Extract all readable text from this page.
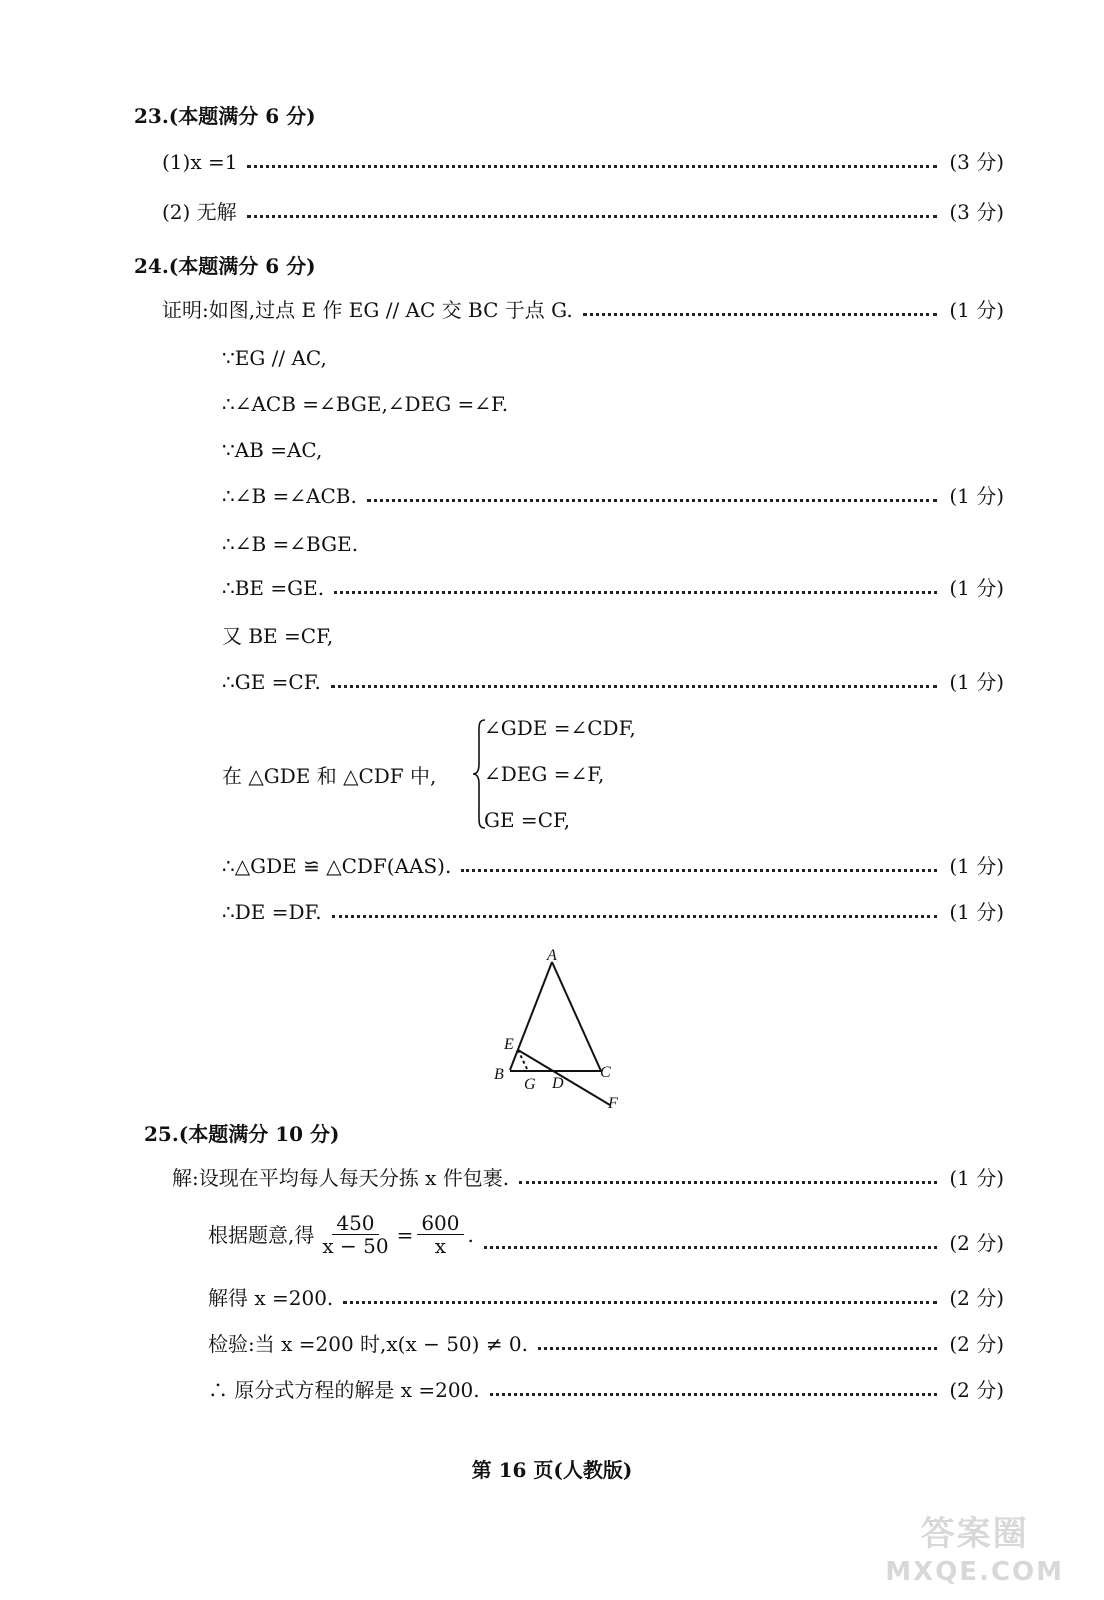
23.(本题满分 6 分)
(1)x =1	(3 分)
(2) 无解	(3 分)
24.(本题满分 6 分)
证明:如图,过点 E 作 EG // AC 交 BC 于点 G.	(1 分)
∵EG // AC,
∴∠ACB =∠BGE,∠DEG =∠F.
∵AB =AC,
∴∠B =∠ACB.	(1 分)
∴∠B =∠BGE.
∴BE =GE.	(1 分)
又 BE =CF,
∴GE =CF.	(1 分)
在 △GDE 和 △CDF 中,
∠GDE =∠CDF,
∠DEG =∠F,
GE =CF,
∴△GDE ≌ △CDF(AAS).	(1 分)
∴DE =DF.	(1 分)
A
E
B
G D
C
F
25.(本题满分 10 分)
解:设现在平均每人每天分拣 x 件包裹.	(1 分)
根据题意,得 $\frac{450}{x - 50} = \frac{600}{x}$ .	(2 分)
解得 x =200.	(2 分)
检验:当 x =200 时,x(x − 50) ≠ 0.	(2 分)
∴ 原分式方程的解是 x =200.	(2 分)
第 16 页(人教版)
答案圈
MXQE.COM
